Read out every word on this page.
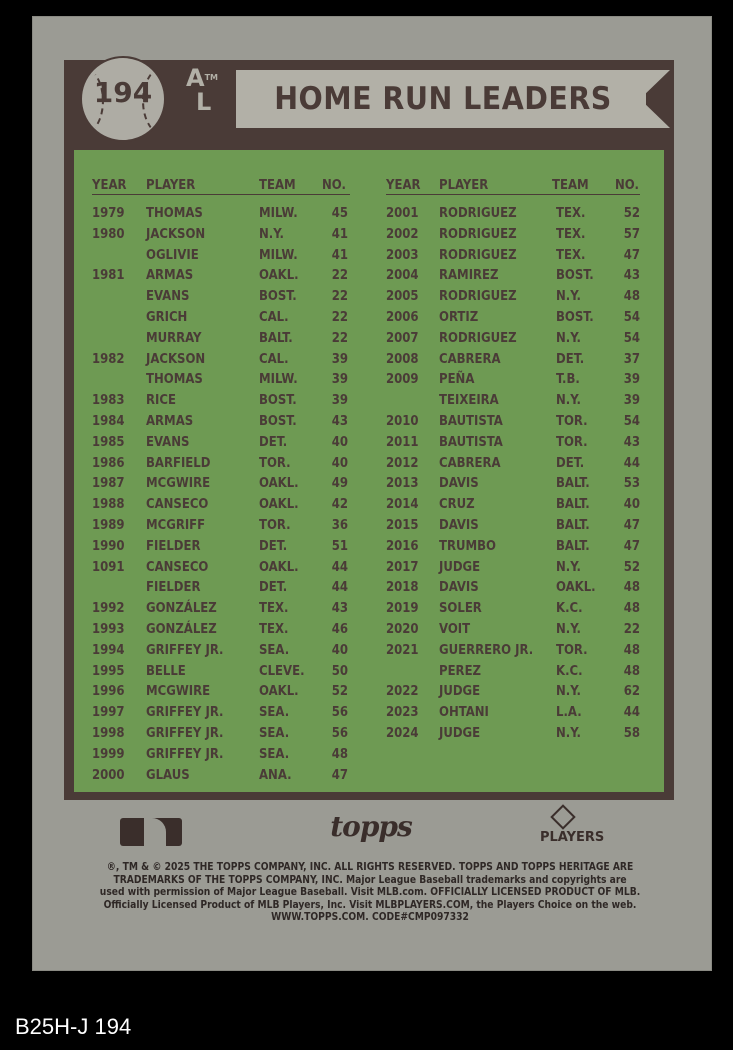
HOME RUN LEADERS
194	A™
L
YEAR PLAYER	TEAM NO.	YEAR PLAYER	TEAM NO.
1979 THOMAS	MILW.	45
1980 JACKSON	N.Y.	41
OGLIVIE	MILW.	41
1981 ARMAS	OAKL.	22
EVANS	BOST.	22
GRICH	CAL.	22
MURRAY	BALT.	22
1982 JACKSON	CAL.	39
THOMAS	MILW.	39
1983 RICE	BOST.	39
1984 ARMAS	BOST.	43
1985 EVANS	DET.	40
1986 BARFIELD	TOR.	40
1987 MCGWIRE	OAKL.	49
1988 CANSECO	OAKL.	42
1989 MCGRIFF	TOR.	36
1990 FIELDER	DET.	51
1091 CANSECO	OAKL.	44
FIELDER	DET.	44
1992 GONZÁLEZ	TEX.	43
1993 GONZÁLEZ	TEX.	46
1994 GRIFFEY JR.	SEA.	40
1995 BELLE	CLEVE.	50
1996 MCGWIRE	OAKL.	52
1997 GRIFFEY JR.	SEA.	56
1998 GRIFFEY JR.	SEA.	56
1999 GRIFFEY JR.	SEA.	48
2000 GLAUS	ANA.	47
2001 RODRIGUEZ	TEX.	52
2002 RODRIGUEZ	TEX.	57
2003 RODRIGUEZ	TEX.	47
2004 RAMIREZ	BOST.	43
2005 RODRIGUEZ	N.Y.	48
2006 ORTIZ	BOST.	54
2007 RODRIGUEZ	N.Y.	54
2008 CABRERA	DET.	37
2009 PEÑA	T.B.	39
TEIXEIRA	N.Y.	39
2010 BAUTISTA	TOR.	54
2011 BAUTISTA	TOR.	43
2012 CABRERA	DET.	44
2013 DAVIS	BALT.	53
2014 CRUZ	BALT.	40
2015 DAVIS	BALT.	47
2016 TRUMBO	BALT.	47
2017 JUDGE	N.Y.	52
2018 DAVIS	OAKL.	48
2019 SOLER	K.C.	48
2020 VOIT	N.Y.	22
2021 GUERRERO JR. TOR.	48
PEREZ	K.C.	48
2022 JUDGE	N.Y.	62
2023 OHTANI	L.A.	44
2024 JUDGE	N.Y.	58
topps	PLAYERS
®, TM & © 2025 THE TOPPS COMPANY, INC. ALL RIGHTS RESERVED. TOPPS AND TOPPS HERITAGE ARE
TRADEMARKS OF THE TOPPS COMPANY, INC. Major League Baseball trademarks and copyrights are
used with permission of Major League Baseball. Visit MLB.com. OFFICIALLY LICENSED PRODUCT OF MLB.
Officially Licensed Product of MLB Players, Inc. Visit MLBPLAYERS.COM, the Players Choice on the web.
WWW.TOPPS.COM. CODE#CMP097332
B25H-J 194
